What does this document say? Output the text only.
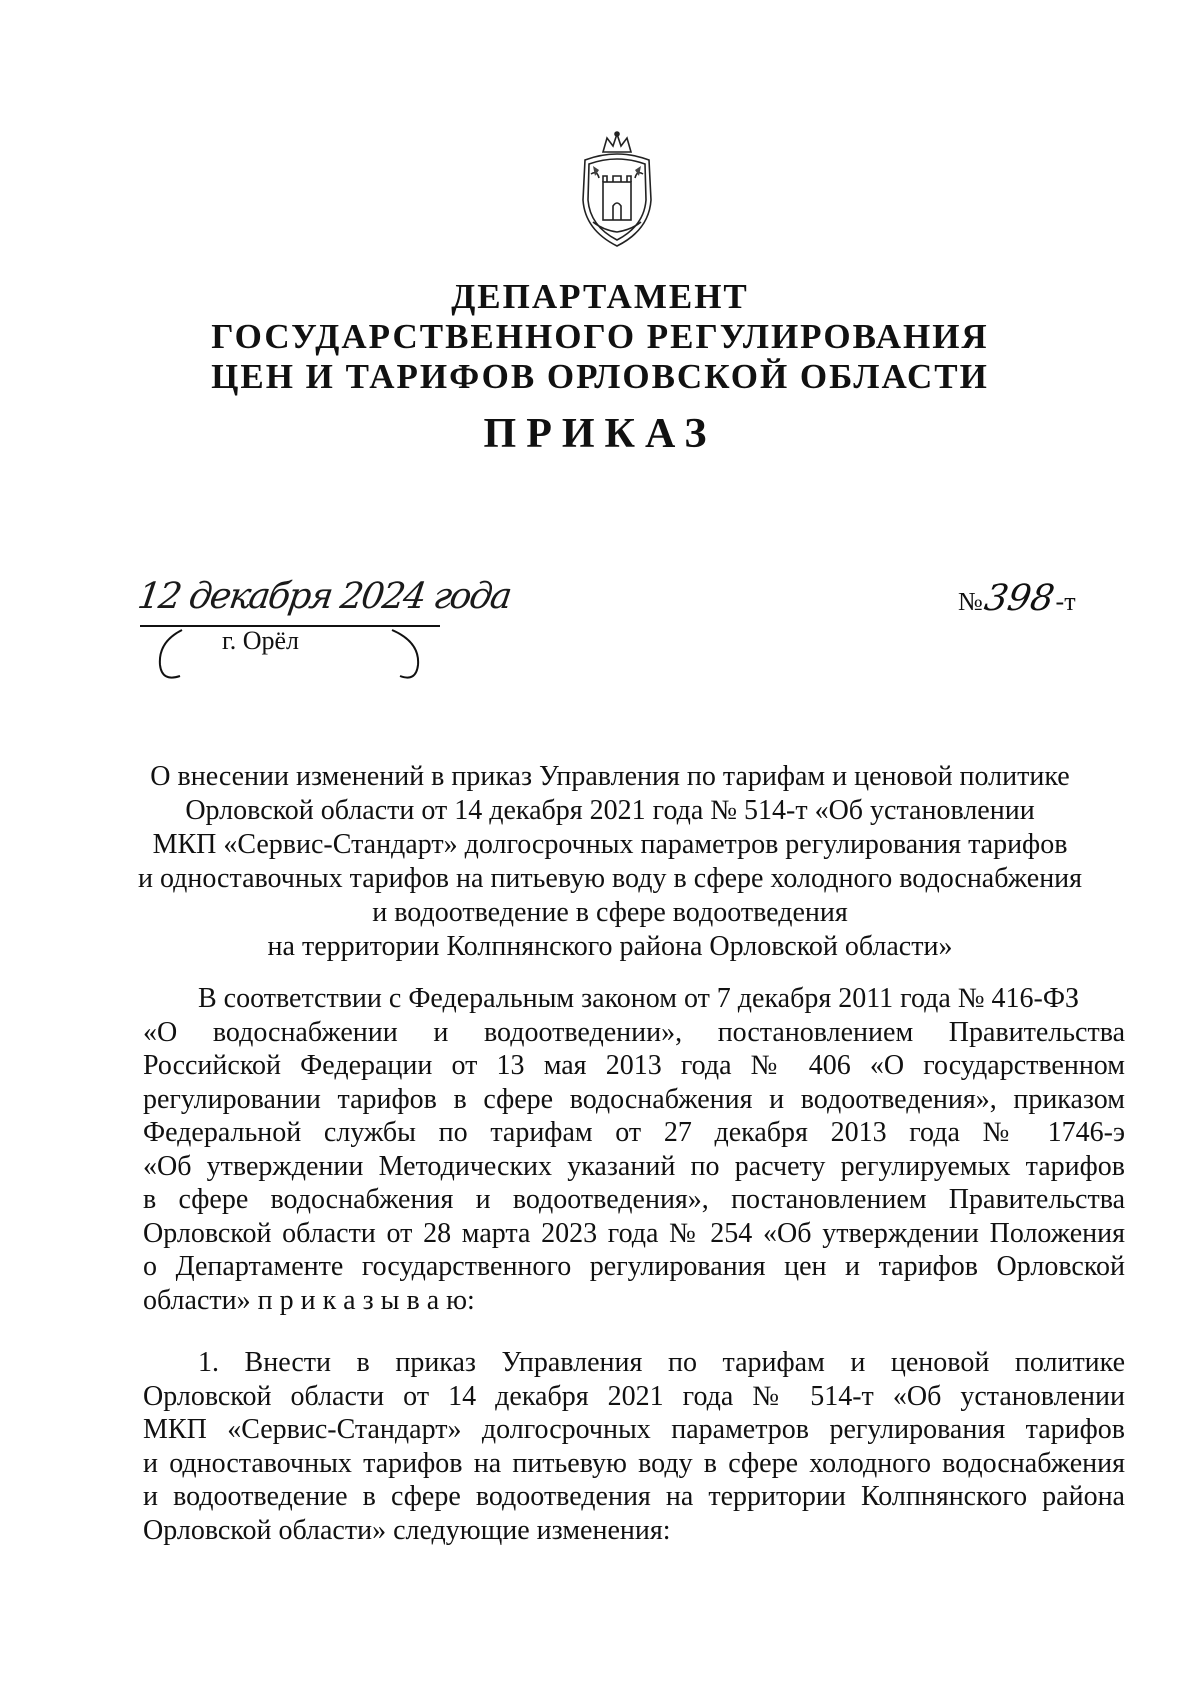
ДЕПАРТАМЕНТ
ГОСУДАРСТВЕННОГО РЕГУЛИРОВАНИЯ
ЦЕН И ТАРИФОВ ОРЛОВСКОЙ ОБЛАСТИ
ПРИКАЗ
12 декабря 2024 года
г. Орёл
№398-т
О внесении изменений в приказ Управления по тарифам и ценовой политике
Орловской области от 14 декабря 2021 года № 514-т «Об установлении
МКП «Сервис-Стандарт» долгосрочных параметров регулирования тарифов
и одноставочных тарифов на питьевую воду в сфере холодного водоснабжения
и водоотведение в сфере водоотведения
на территории Колпнянского района Орловской области»
В соответствии с Федеральным законом от 7 декабря 2011 года № 416-ФЗ
«О водоснабжении и водоотведении», постановлением Правительства
Российской Федерации от 13 мая 2013 года № 406 «О государственном
регулировании тарифов в сфере водоснабжения и водоотведения», приказом
Федеральной службы по тарифам от 27 декабря 2013 года № 1746-э
«Об утверждении Методических указаний по расчету регулируемых тарифов
в сфере водоснабжения и водоотведения», постановлением Правительства
Орловской области от 28 марта 2023 года № 254 «Об утверждении Положения
о Департаменте государственного регулирования цен и тарифов Орловской
области» п р и к а з ы в а ю:
1. Внести в приказ Управления по тарифам и ценовой политике
Орловской области от 14 декабря 2021 года № 514-т «Об установлении
МКП «Сервис-Стандарт» долгосрочных параметров регулирования тарифов
и одноставочных тарифов на питьевую воду в сфере холодного водоснабжения
и водоотведение в сфере водоотведения на территории Колпнянского района
Орловской области» следующие изменения:
